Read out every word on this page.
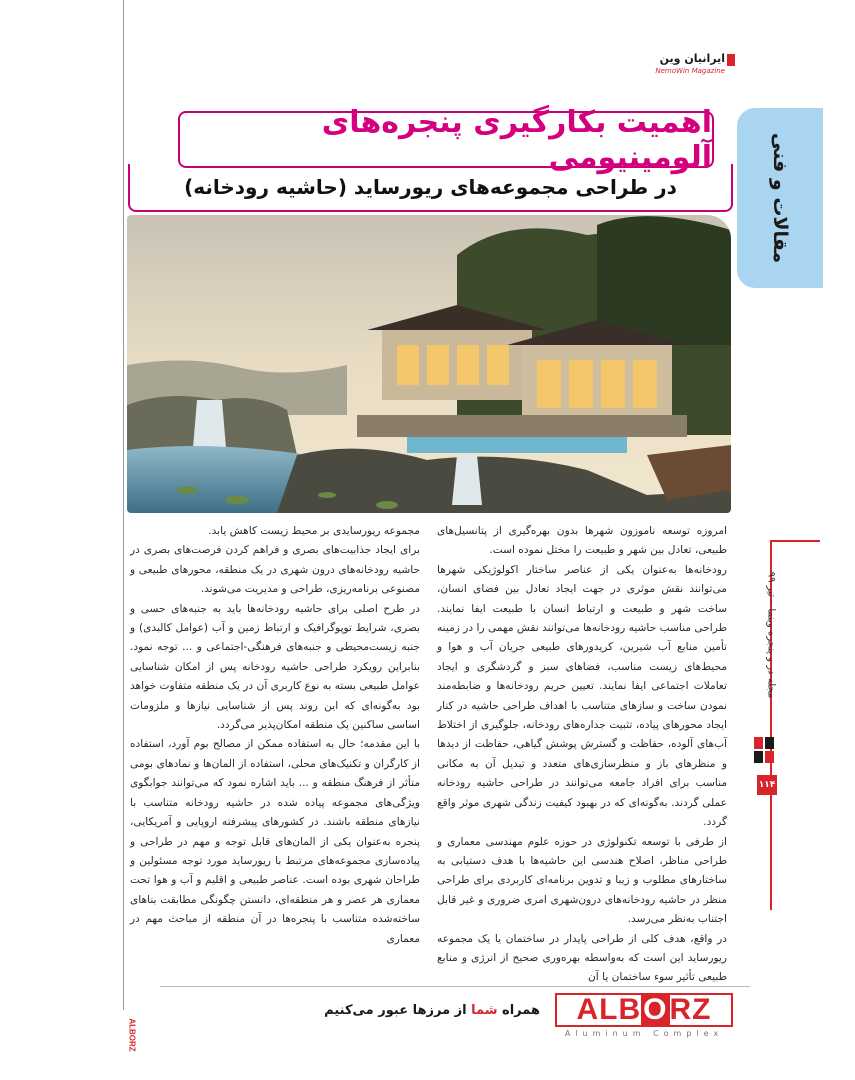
ایرانیان وین
NemoWin Magazine
مقالات و فنی
اهمیت بکارگیری پنجره‌های آلومینیومی
در طراحی مجموعه‌های ریورساید (حاشیه رودخانه)
مجله در و پنجره وینما – تیر ۹۹
۱۱۴

امروزه توسعه ناموزون شهرها بدون بهره‌گیری از پتانسیل‌های طبیعی، تعادل بین شهر و طبیعت را مختل نموده است.

رودخانه‌ها به‌عنوان یکی از عناصر ساختار اکولوژیکی شهرها می‌توانند نقش موثری در جهت ایجاد تعادل بین فضای انسان، ساخت شهر و طبیعت و ارتباط انسان با طبیعت ایفا نمایند. طراحی مناسب حاشیه رودخانه‌ها می‌توانند نقش مهمی را در زمینه تأمین منابع آب شیرین، کریدورهای طبیعی جریان آب و هوا و محیط‌های زیست مناسب، فضاهای سبز و گردشگری و ایجاد تعاملات اجتماعی ایفا نمایند. تعیین حریم رودخانه‌ها و ضابطه‌مند نمودن ساخت و سازهای متناسب با اهداف طراحی حاشیه در کنار ایجاد محورهای پیاده، تثبیت جداره‌های رودخانه، جلوگیری از اختلاط آب‌های آلوده، حفاظت و گسترش پوشش گیاهی، حفاظت از دیدها و منظرهای باز و منظرسازی‌های متعدد و تبدیل آن به مکانی مناسب برای افراد جامعه می‌توانند در طراحی حاشیه رودخانه عملی گردند. به‌گونه‌ای که در بهبود کیفیت زندگی شهری موثر واقع گردد.

از طرفی با توسعه تکنولوژی در حوزه علوم مهندسی معماری و طراحی مناظر، اصلاح هندسی این حاشیه‌ها با هدف دستیابی به ساختارهای مطلوب و زیبا و تدوین برنامه‌ای کاربردی برای طراحی منظر در حاشیه رودخانه‌های درون‌شهری امری ضروری و غیر قابل اجتناب به‌نظر می‌رسد.

در واقع، هدف کلی از طراحی پایدار در ساختمان یا یک مجموعه ریورساید این است که به‌واسطه بهره‌وری صحیح از انرژی و منابع طبیعی تأثیر سوء ساختمان یا آن

مجموعه ریورسایدی بر محیط زیست کاهش یابد.

برای ایجاد جذابیت‌های بصری و فراهم کردن فرصت‌های بصری در حاشیه رودخانه‌های درون شهری در یک منطقه، محورهای طبیعی و مصنوعی برنامه‌ریزی، طراحی و مدیریت می‌شوند.

در طرح اصلی برای حاشیه رودخانه‌ها باید به جنبه‌های حسی و بصری، شرایط توپوگرافیک و ارتباط زمین و آب (عوامل کالبدی) و جنبه زیست‌محیطی و جنبه‌های فرهنگی-اجتماعی و ... توجه نمود. بنابراین رویکرد طراحی حاشیه رودخانه پس از امکان شناسایی عوامل طبیعی بسته به نوع کاربری آن در یک منطقه متفاوت خواهد بود به‌گونه‌ای که این روند پس از شناسایی نیازها و ملزومات اساسی ساکنین یک منطقه امکان‌پذیر می‌گردد.

با این مقدمه؛ حال به استفاده ممکن از مصالح بوم آورد، استفاده از کارگران و تکنیک‌های محلی، استفاده از المان‌ها و نمادهای بومی متأثر از فرهنگ منطقه و ... باید اشاره نمود که می‌توانند جوابگوی ویژگی‌های مجموعه پیاده شده در حاشیه رودخانه متناسب با نیازهای منطقه باشند. در کشورهای پیشرفته اروپایی و آمریکایی، پنجره به‌عنوان یکی از المان‌های قابل توجه و مهم در طراحی و پیاده‌سازی مجموعه‌های مرتبط با ریورساید مورد توجه مسئولین و طراحان شهری بوده است. عناصر طبیعی و اقلیم و آب و هوا تحت معماری هر عصر و هر منطقه‌ای، دانستن چگونگی مطابقت بناهای ساخته‌شده متناسب با پنجره‌ها در آن منطقه از مباحث مهم در معماری

همراه شما از مرزها عبور می‌کنیم	ALB O RZ
Aluminum Complex
ALBORZ
